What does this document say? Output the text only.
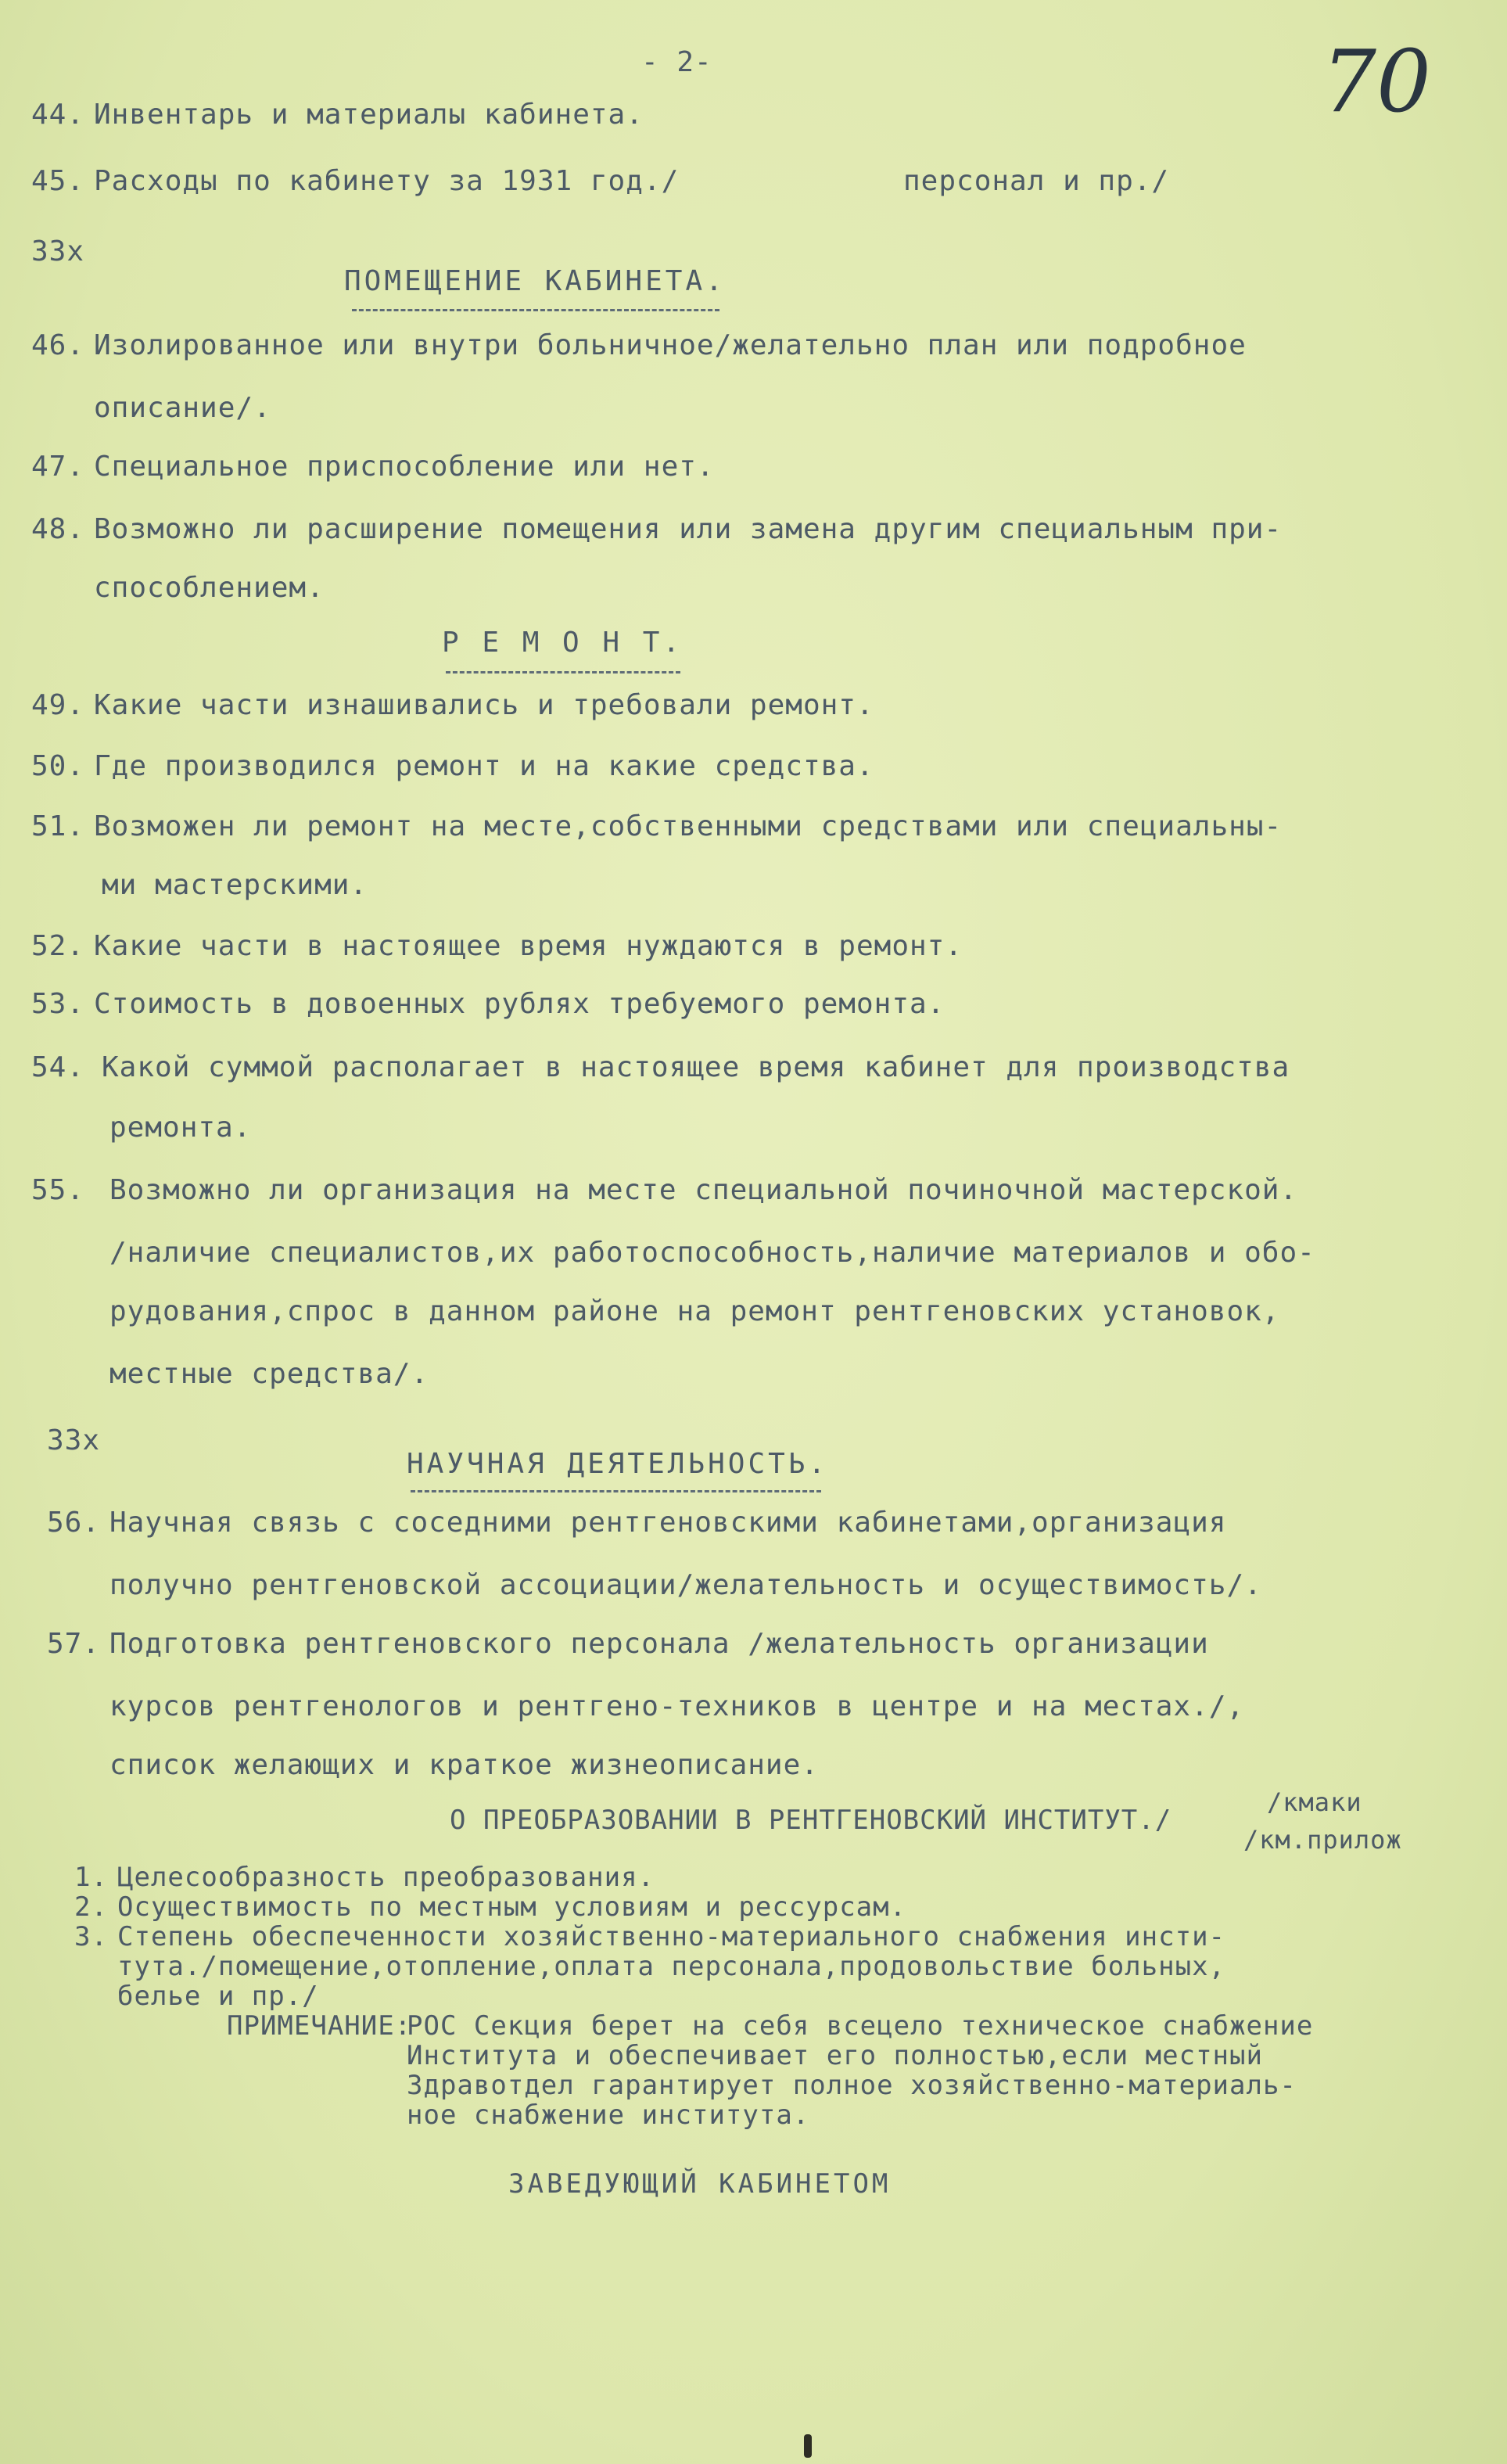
- 2-	70
44. Инвентарь и материалы кабинета.
45. Расходы по кабинету за 1931 год./	персонал и пр./
33x
ПОМЕЩЕНИЕ КАБИНЕТА.
46. Изолированное или внутри больничное/желательно план или подробное
описание/.
47. Специальное приспособление или нет.
48. Возможно ли расширение помещения или замена другим специальным при-
способлением.
Р Е М О Н Т.
49. Какие части изнашивались и требовали ремонт.
50. Где производился ремонт и на какие средства.
51. Возможен ли ремонт на месте,собственными средствами или специальны-
ми мастерскими.
52. Какие части в настоящее время нуждаются в ремонт.
53. Стоимость в довоенных рублях требуемого ремонта.
54. Какой суммой располагает в настоящее время кабинет для производства
ремонта.
55. Возможно ли организация на месте специальной починочной мастерской.
/наличие специалистов,их работоспособность,наличие материалов и обо-
рудования,спрос в данном районе на ремонт рентгеновских установок,
местные средства/.
33x
НАУЧНАЯ ДЕЯТЕЛЬНОСТЬ.
56. Научная связь с соседними рентгеновскими кабинетами,организация
получно рентгеновской ассоциации/желательность и осуществимость/.
57. Подготовка рентгеновского персонала /желательность организации
курсов рентгенологов и рентгено-техников в центре и на местах./,
список желающих и краткое жизнеописание.
О ПРЕОБРАЗОВАНИИ В РЕНТГЕНОВСКИЙ ИНСТИТУТ./
/кмаки
/км.прилож
1. Целесообразность преобразования.
2. Осуществимость по местным условиям и рессурсам.
3. Степень обеспеченности хозяйственно-материального снабжения инсти-
тута./помещение,отопление,оплата персонала,продовольствие больных,
белье и пр./
ПРИМЕЧАНИЕ:
РОС Секция берет на себя всецело техническое снабжение
Института и обеспечивает его полностью,если местный
Здравотдел гарантирует полное хозяйственно-материаль-
ное снабжение института.
ЗАВЕДУЮЩИЙ КАБИНЕТОМ
